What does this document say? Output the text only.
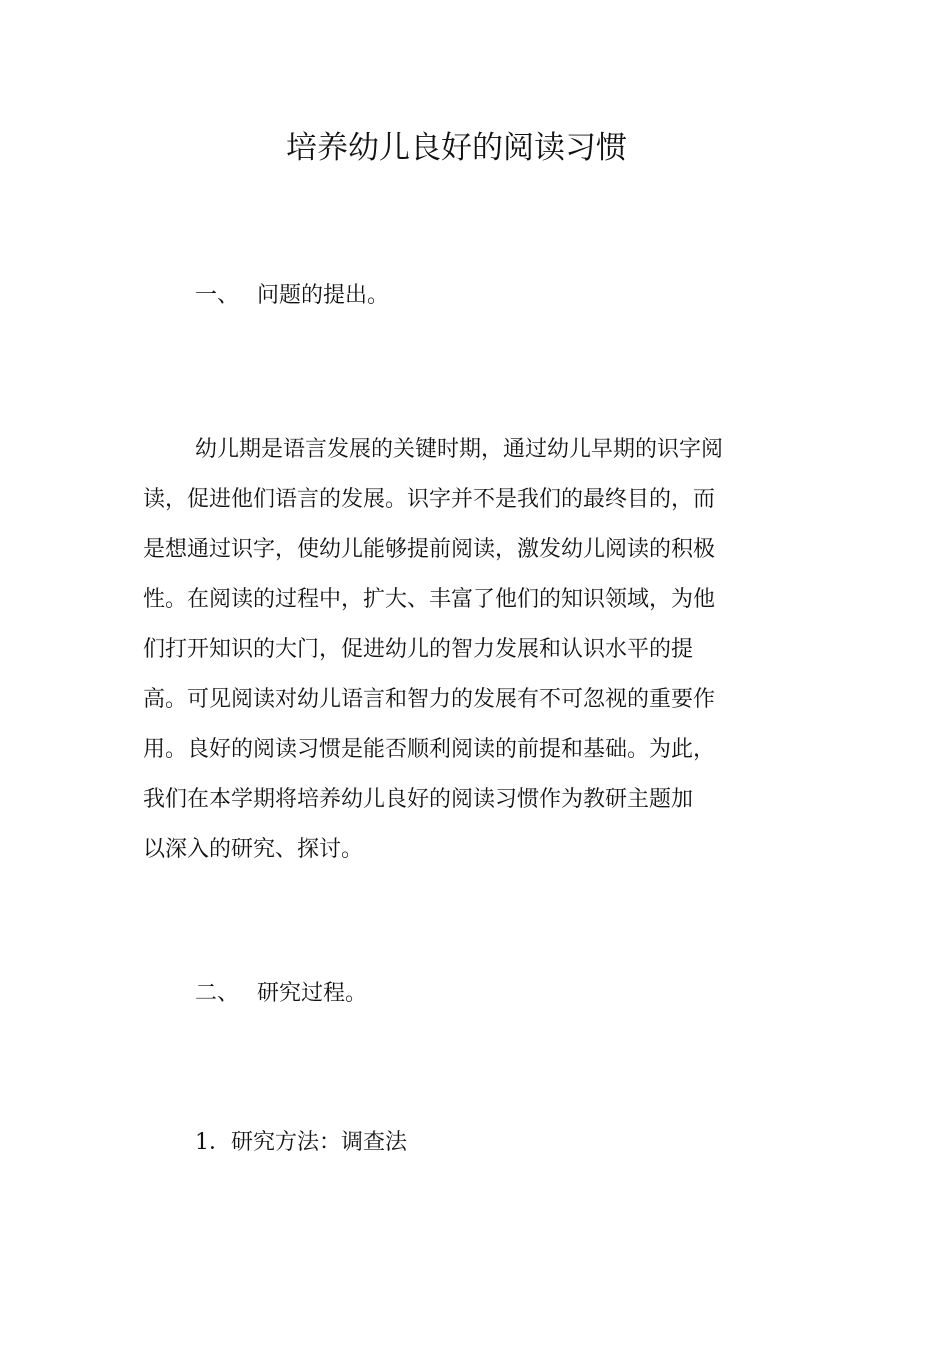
培养幼儿良好的阅读习惯
一、 问题的提出。
幼儿期是语言发展的关键时期，通过幼儿早期的识字阅
读，促进他们语言的发展。识字并不是我们的最终目的，而
是想通过识字，使幼儿能够提前阅读，激发幼儿阅读的积极
性。在阅读的过程中，扩大、丰富了他们的知识领域，为他
们打开知识的大门，促进幼儿的智力发展和认识水平的提
高。可见阅读对幼儿语言和智力的发展有不可忽视的重要作
用。良好的阅读习惯是能否顺利阅读的前提和基础。为此，
我们在本学期将培养幼儿良好的阅读习惯作为教研主题加
以深入的研究、探讨。
二、 研究过程。
1．研究方法：调查法
